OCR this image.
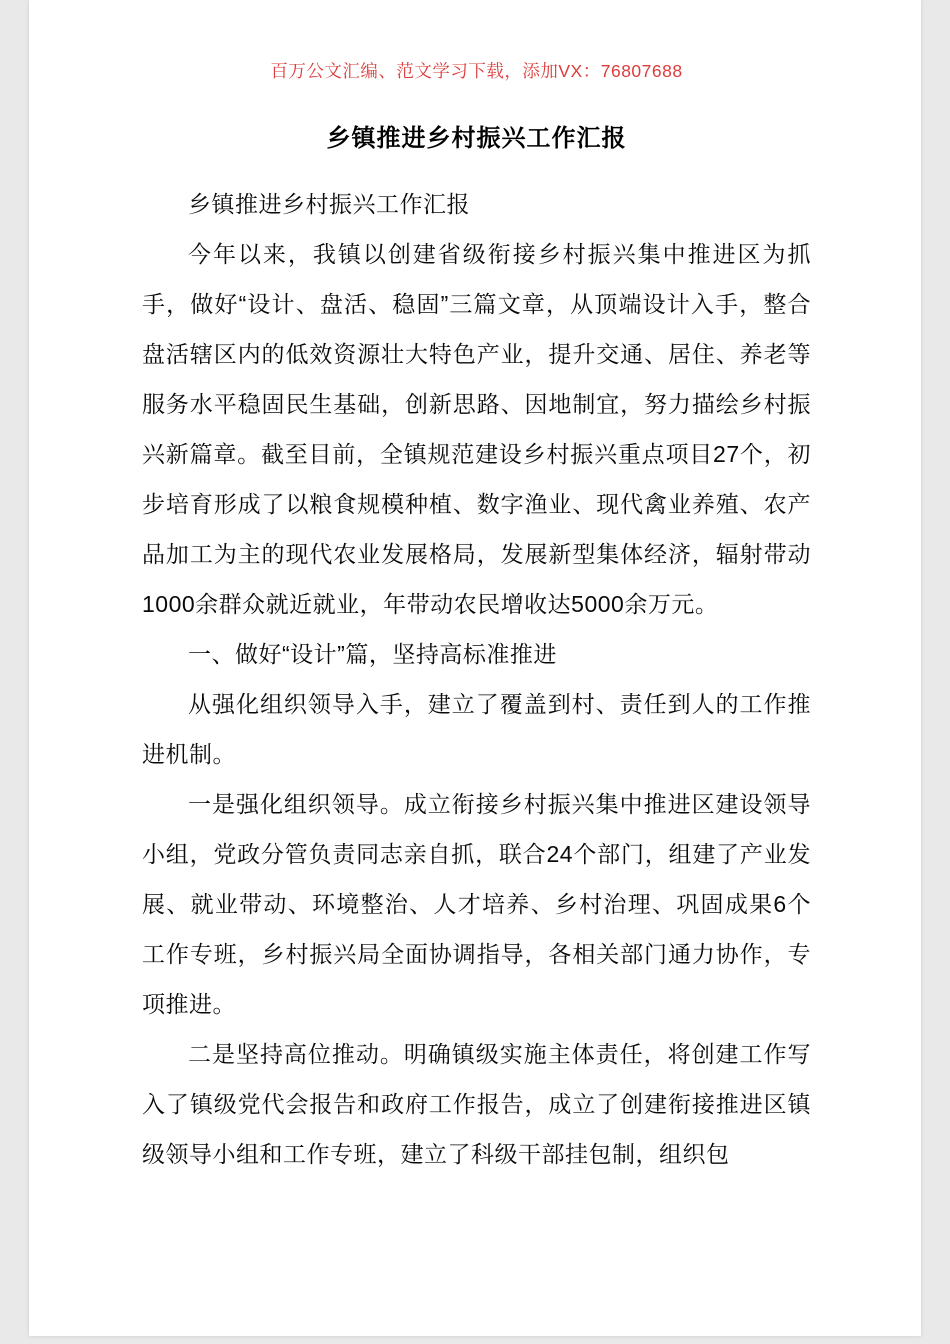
百万公文汇编、范文学习下载，添加VX：76807688

乡镇推进乡村振兴工作汇报

乡镇推进乡村振兴工作汇报

今年以来，我镇以创建省级衔接乡村振兴集中推进区为抓手，做好“设计、盘活、稳固”三篇文章，从顶端设计入手，整合盘活辖区内的低效资源壮大特色产业，提升交通、居住、养老等服务水平稳固民生基础，创新思路、因地制宜，努力描绘乡村振兴新篇章。截至目前，全镇规范建设乡村振兴重点项目27个，初步培育形成了以粮食规模种植、数字渔业、现代禽业养殖、农产品加工为主的现代农业发展格局，发展新型集体经济，辐射带动1000余群众就近就业，年带动农民增收达5000余万元。

一、做好“设计”篇，坚持高标准推进

从强化组织领导入手，建立了覆盖到村、责任到人的工作推进机制。

一是强化组织领导。成立衔接乡村振兴集中推进区建设领导小组，党政分管负责同志亲自抓，联合24个部门，组建了产业发展、就业带动、环境整治、人才培养、乡村治理、巩固成果6个工作专班，乡村振兴局全面协调指导，各相关部门通力协作，专项推进。

二是坚持高位推动。明确镇级实施主体责任，将创建工作写入了镇级党代会报告和政府工作报告，成立了创建衔接推进区镇级领导小组和工作专班，建立了科级干部挂包制，组织包
